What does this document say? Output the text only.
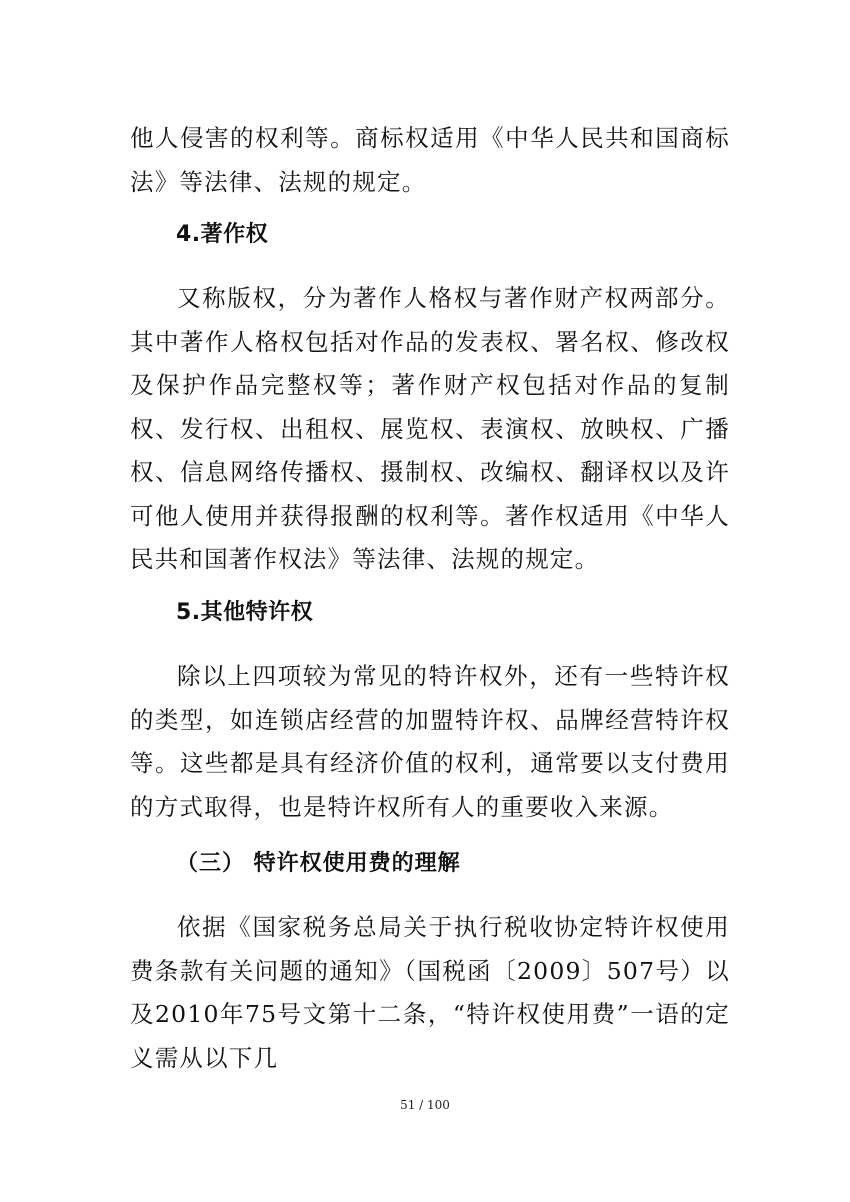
他人侵害的权利等。商标权适用《中华人民共和国商标法》等法律、法规的规定。

4.著作权

又称版权，分为著作人格权与著作财产权两部分。其中著作人格权包括对作品的发表权、署名权、修改权及保护作品完整权等；著作财产权包括对作品的复制权、发行权、出租权、展览权、表演权、放映权、广播权、信息网络传播权、摄制权、改编权、翻译权以及许可他人使用并获得报酬的权利等。著作权适用《中华人民共和国著作权法》等法律、法规的规定。

5.其他特许权

除以上四项较为常见的特许权外，还有一些特许权的类型，如连锁店经营的加盟特许权、品牌经营特许权等。这些都是具有经济价值的权利，通常要以支付费用的方式取得，也是特许权所有人的重要收入来源。

（三） 特许权使用费的理解

依据《国家税务总局关于执行税收协定特许权使用费条款有关问题的通知》（国税函〔2009〕507号）以及2010年75号文第十二条，“特许权使用费”一语的定义需从以下几

51 / 100
